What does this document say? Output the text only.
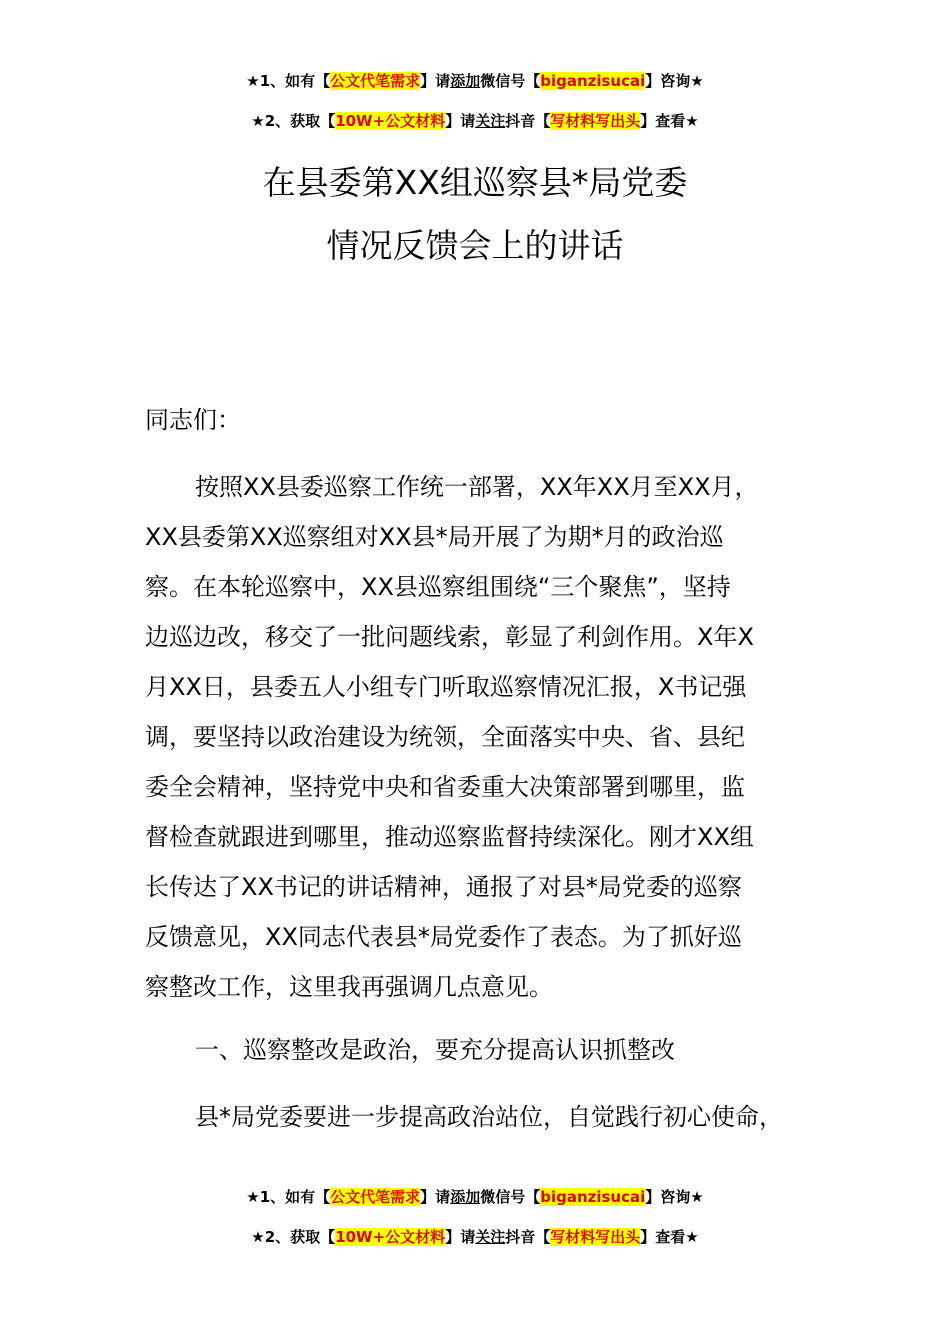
★1、如有【公文代笔需求】请添加微信号【biganzisucai】咨询★
★2、获取【10W+公文材料】请关注抖音【写材料写出头】查看★
在县委第XX组巡察县*局党委
情况反馈会上的讲话
同志们：
按照XX县委巡察工作统一部署，XX年XX月至XX月，
XX县委第XX巡察组对XX县*局开展了为期*月的政治巡
察。在本轮巡察中，XX县巡察组围绕“三个聚焦”，坚持
边巡边改，移交了一批问题线索，彰显了利剑作用。X年X
月XX日，县委五人小组专门听取巡察情况汇报，X书记强
调，要坚持以政治建设为统领，全面落实中央、省、县纪
委全会精神，坚持党中央和省委重大决策部署到哪里，监
督检查就跟进到哪里，推动巡察监督持续深化。刚才XX组
长传达了XX书记的讲话精神，通报了对县*局党委的巡察
反馈意见，XX同志代表县*局党委作了表态。为了抓好巡
察整改工作，这里我再强调几点意见。
一、巡察整改是政治，要充分提高认识抓整改
县*局党委要进一步提高政治站位，自觉践行初心使命，
★1、如有【公文代笔需求】请添加微信号【biganzisucai】咨询★
★2、获取【10W+公文材料】请关注抖音【写材料写出头】查看★
